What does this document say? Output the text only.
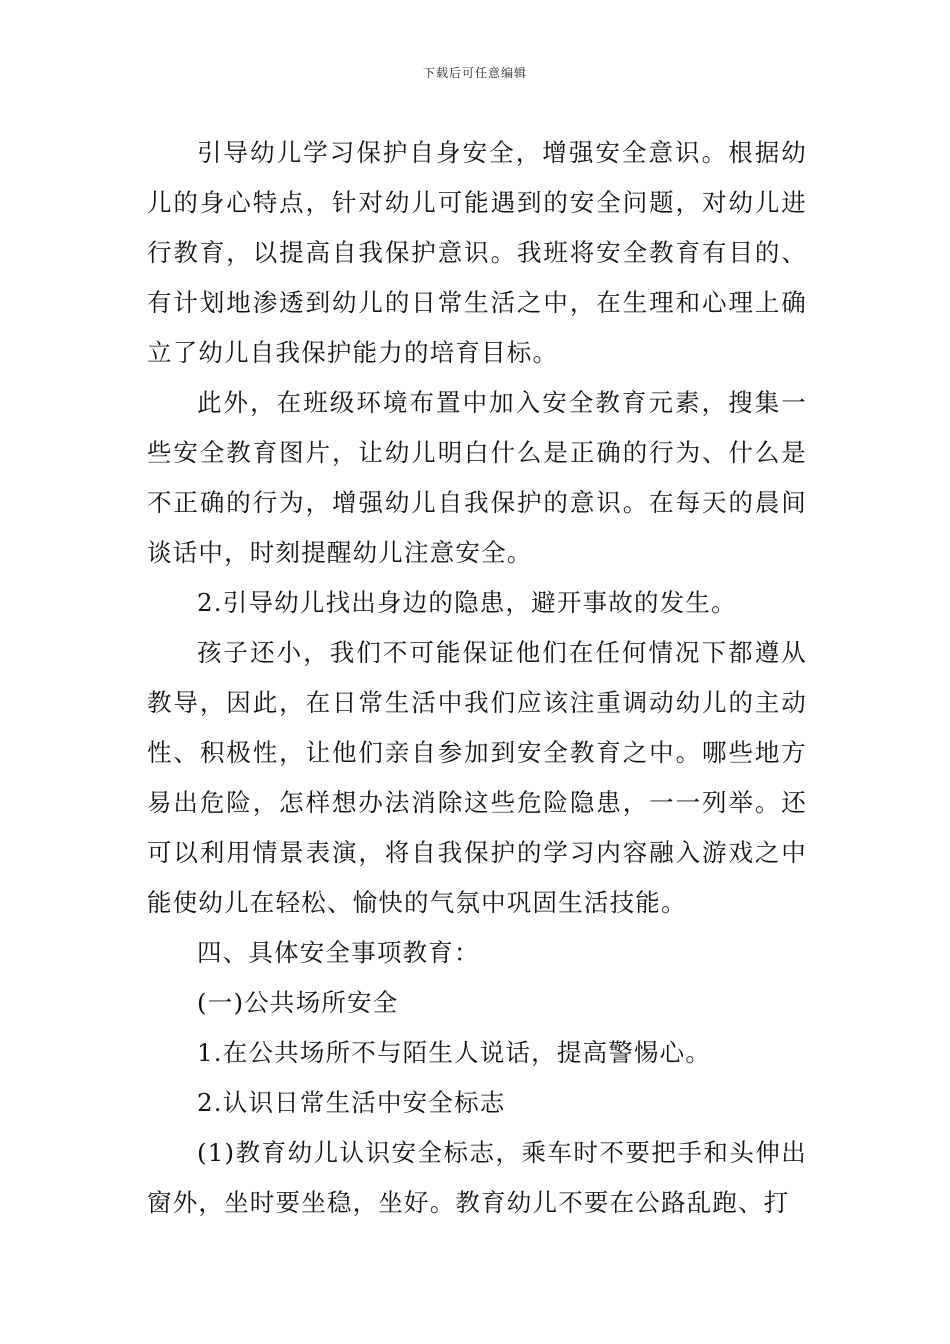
下载后可任意编辑

引导幼儿学习保护自身安全，增强安全意识。根据幼儿的身心特点，针对幼儿可能遇到的安全问题，对幼儿进行教育，以提高自我保护意识。我班将安全教育有目的、有计划地渗透到幼儿的日常生活之中，在生理和心理上确立了幼儿自我保护能力的培育目标。

此外，在班级环境布置中加入安全教育元素，搜集一些安全教育图片，让幼儿明白什么是正确的行为、什么是不正确的行为，增强幼儿自我保护的意识。在每天的晨间谈话中，时刻提醒幼儿注意安全。

2.引导幼儿找出身边的隐患，避开事故的发生。

孩子还小，我们不可能保证他们在任何情况下都遵从教导，因此，在日常生活中我们应该注重调动幼儿的主动性、积极性，让他们亲自参加到安全教育之中。哪些地方易出危险，怎样想办法消除这些危险隐患，一一列举。还可以利用情景表演，将自我保护的学习内容融入游戏之中能使幼儿在轻松、愉快的气氛中巩固生活技能。

四、具体安全事项教育：

(一)公共场所安全

1.在公共场所不与陌生人说话，提高警惕心。

2.认识日常生活中安全标志

(1)教育幼儿认识安全标志，乘车时不要把手和头伸出窗外，坐时要坐稳，坐好。教育幼儿不要在公路乱跑、打
